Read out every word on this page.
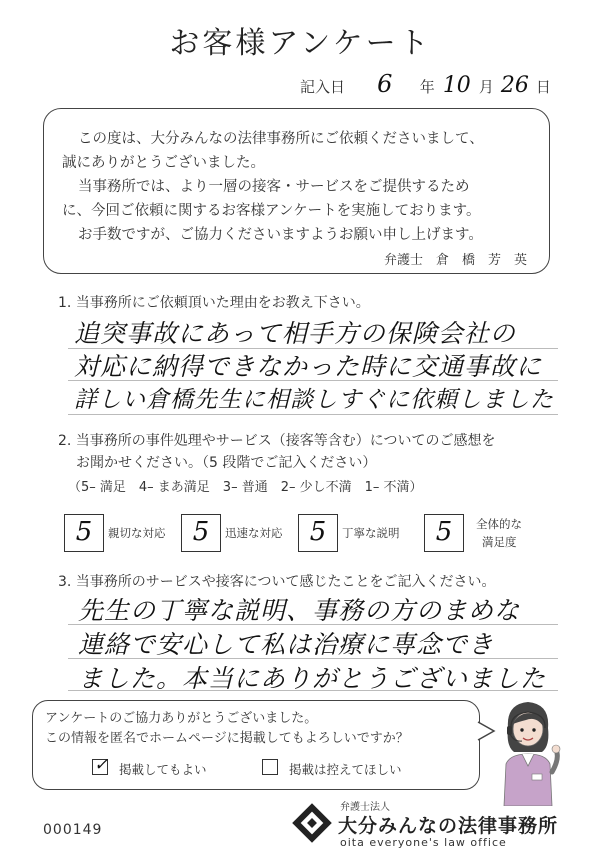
お客様アンケート
記入日 6 年 10 月 26 日
この度は、大分みんなの法律事務所にご依頼くださいまして、
誠にありがとうございました。
当事務所では、より一層の接客・サービスをご提供するため
に、今回ご依頼に関するお客様アンケートを実施しております。
お手数ですが、ご協力くださいますようお願い申し上げます。
弁護士　倉　橋　芳　英
1. 当事務所にご依頼頂いた理由をお教え下さい。
追突事故にあって相手方の保険会社の
対応に納得できなかった時に交通事故に
詳しい倉橋先生に相談しすぐに依頼しました
2. 当事務所の事件処理やサービス（接客等含む）についてのご感想を
お聞かせください。（5 段階でご記入ください）
（5– 満足　4– まあ満足　3– 普通　2– 少し不満　1– 不満）
5	親切な対応	5	迅速な対応	5	丁寧な説明	5	全体的な
満足度
3. 当事務所のサービスや接客について感じたことをご記入ください。
先生の丁寧な説明、事務の方のまめな
連絡で安心して私は治療に専念でき
ました。本当にありがとうございました
アンケートのご協力ありがとうございました。
この情報を匿名でホームページに掲載してもよろしいですか？
✓ 掲載してもよい	掲載は控えてほしい
000149
弁護士法人
大分みんなの法律事務所
oita everyone's law office
